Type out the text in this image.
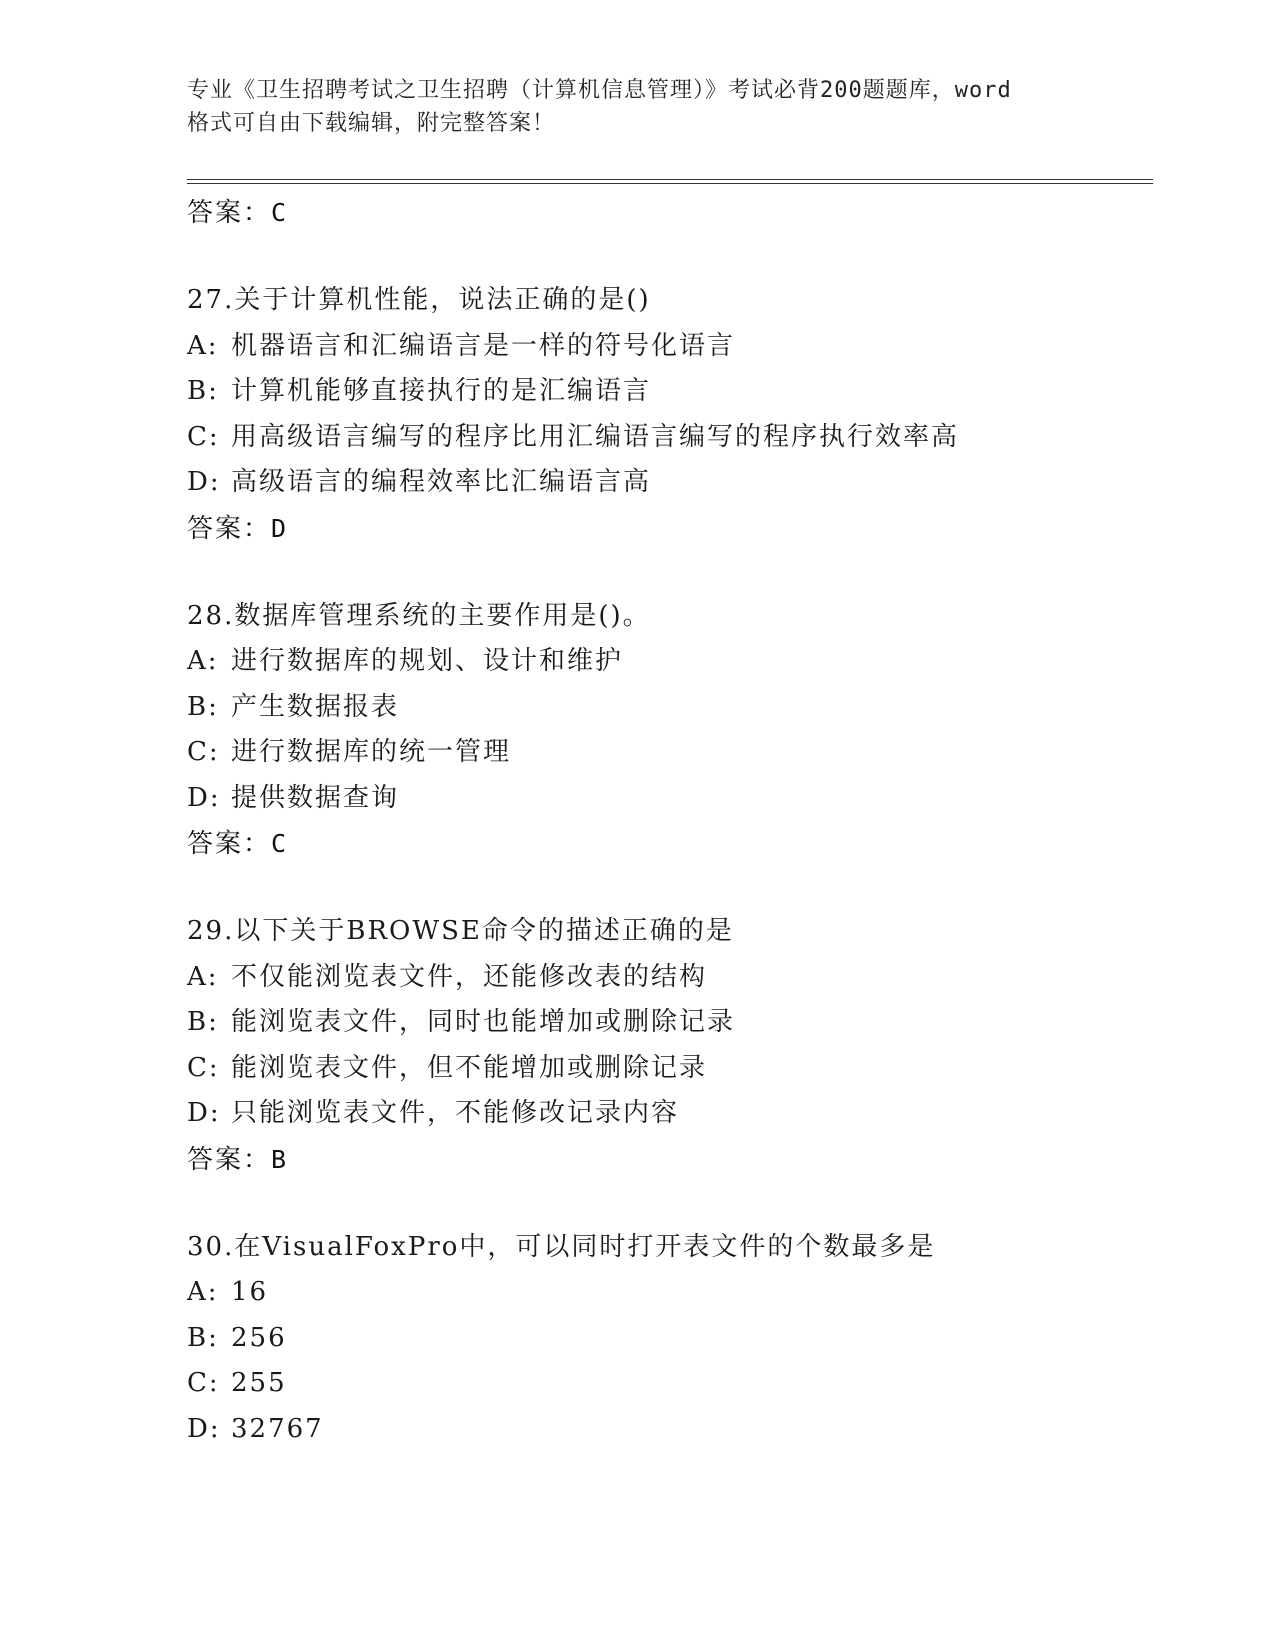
专业《卫生招聘考试之卫生招聘（计算机信息管理）》考试必背200题题库，word
格式可自由下载编辑，附完整答案！
答案：C
27.关于计算机性能，说法正确的是()
A: 机器语言和汇编语言是一样的符号化语言
B: 计算机能够直接执行的是汇编语言
C: 用高级语言编写的程序比用汇编语言编写的程序执行效率高
D: 高级语言的编程效率比汇编语言高
答案：D
28.数据库管理系统的主要作用是()。
A: 进行数据库的规划、设计和维护
B: 产生数据报表
C: 进行数据库的统一管理
D: 提供数据查询
答案：C
29.以下关于BROWSE命令的描述正确的是
A: 不仅能浏览表文件，还能修改表的结构
B: 能浏览表文件，同时也能增加或删除记录
C: 能浏览表文件，但不能增加或删除记录
D: 只能浏览表文件，不能修改记录内容
答案：B
30.在VisualFoxPro中，可以同时打开表文件的个数最多是
A: 16
B: 256
C: 255
D: 32767
